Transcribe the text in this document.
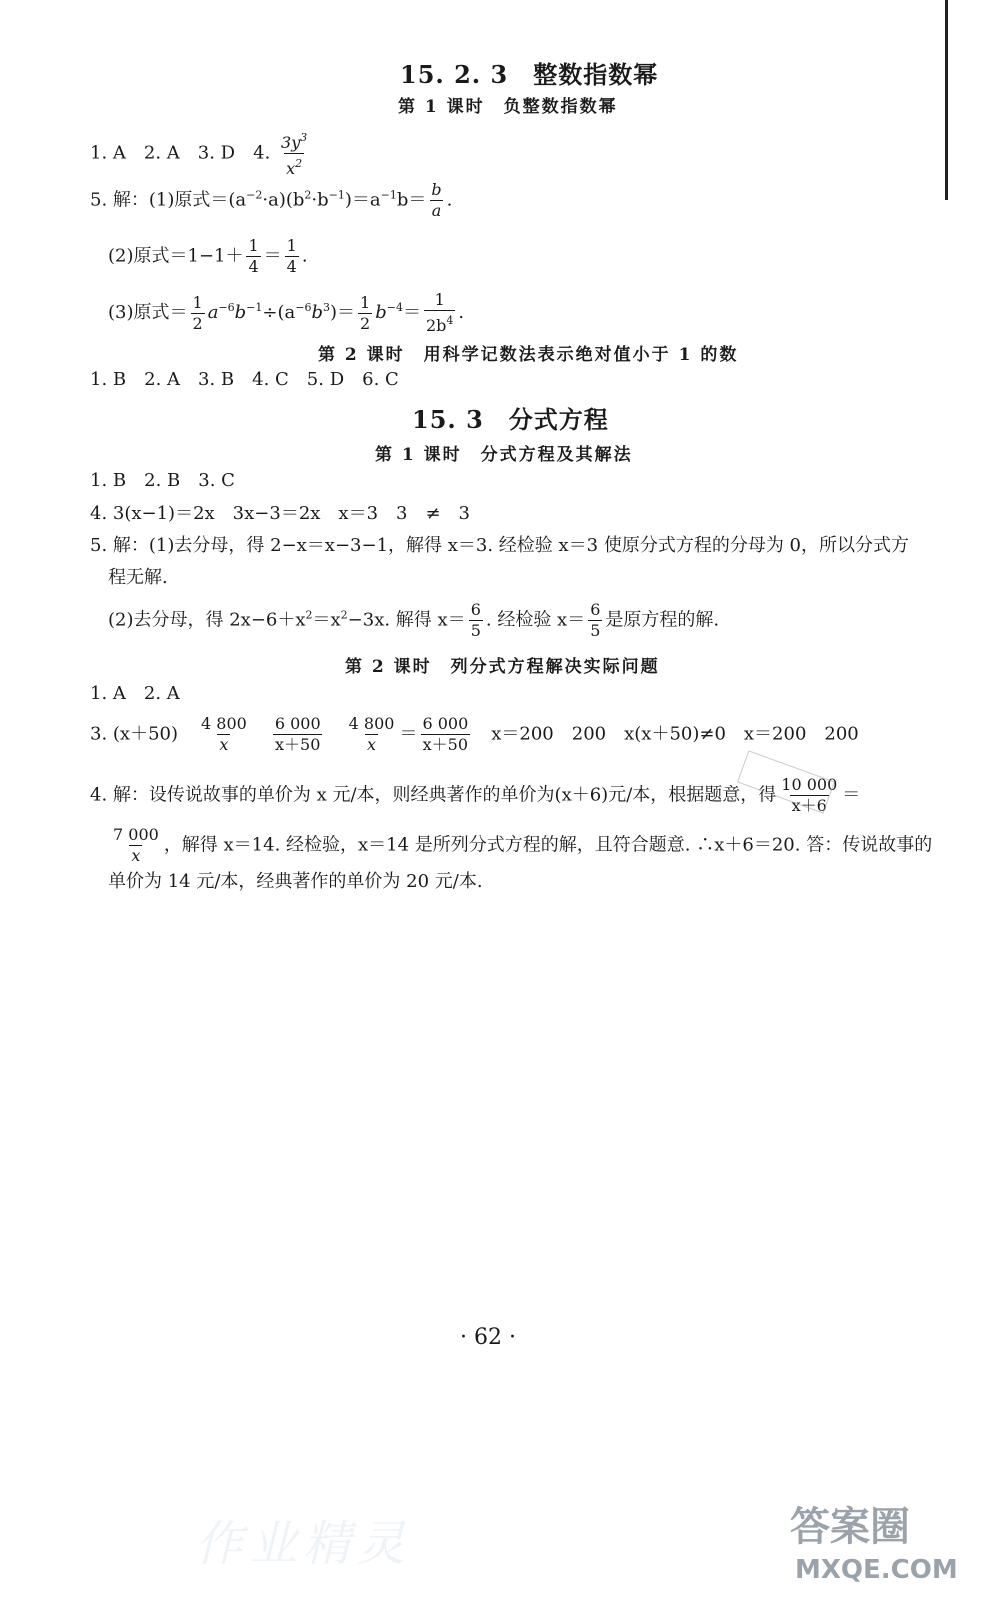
15. 2. 3　整数指数幂
第 1 课时　负整数指数幂
1. A　2. A　3. D　4. $\frac{3y^3}{x^2}$
5. 解：(1)原式$=(a^{-2}\cdot a)(b^2\cdot b^{-1})=a^{-1}b= \frac{b}{a}$ .
(2)原式$=1-1+ \frac{1}{4} = \frac{1}{4}$ .
(3)原式＝ $\frac{1}{2} a^{-6}b^{-1}\div(a^{-6}b^3)= \frac{1}{2} b^{-4}= \frac{1}{2b^4}$ .
第 2 课时　用科学记数法表示绝对值小于 1 的数
1. B　2. A　3. B　4. C　5. D　6. C
15. 3　分式方程
第 1 课时　分式方程及其解法
1. B　2. B　3. C
4. 3(x−1)＝2x　3x−3＝2x　x＝3　3　≠　3
5. 解：(1)去分母，得 2−x＝x−3−1，解得 x＝3. 经检验 x＝3 使原分式方程的分母为 0，所以分式方
程无解.
(2)去分母，得 $2x-6+x^2=x^2-3x$. 解得 $x= \frac{6}{5}$ . 经检验 $x= \frac{6}{5}$ 是原方程的解.
第 2 课时　列分式方程解决实际问题
1. A　2. A
3. $(x+50) \frac{4 800}{x} \frac{6 000}{x+50} \frac{4 800}{x} = \frac{6 000}{x+50} x=200$　200　x(x＋50)≠0　x＝200　200
4. 解：设传说故事的单价为 x 元/本，则经典著作的单价为(x＋6)元/本，根据题意，得 $\frac{10 000}{x+6}$ ＝
$\frac{7 000}{x}$ ，解得 x＝14. 经检验，x＝14 是所列分式方程的解，且符合题意. ∴x＋6＝20. 答：传说故事的
单价为 14 元/本，经典著作的单价为 20 元/本.
· 62 ·
作业精灵	答案圈
MXQE.COM
